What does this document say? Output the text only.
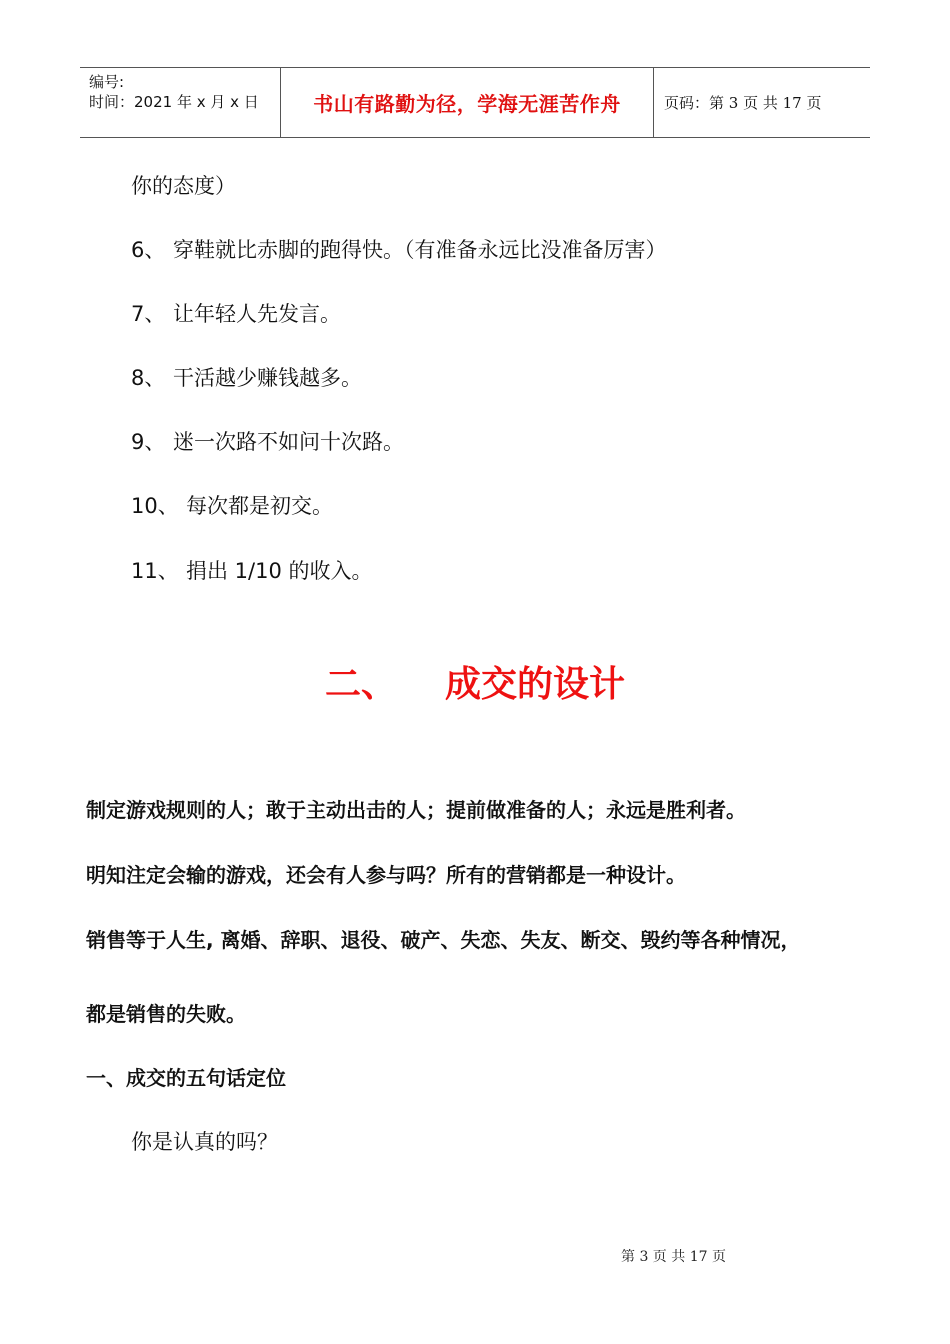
编号:
时间：2021 年 x 月 x 日	书山有路勤为径，学海无涯苦作舟	页码：第 3 页 共 17 页
你的态度）
6、 穿鞋就比赤脚的跑得快。（有准备永远比没准备厉害）
7、 让年轻人先发言。
8、 干活越少赚钱越多。
9、 迷一次路不如问十次路。
10、 每次都是初交。
11、 捐出 1/10 的收入。
二、 成交的设计
制定游戏规则的人；敢于主动出击的人；提前做准备的人；永远是胜利者。
明知注定会输的游戏，还会有人参与吗？所有的营销都是一种设计。
销售等于人生, 离婚、辞职、退役、破产、失恋、失友、断交、毁约等各种情况，
都是销售的失败。
一、成交的五句话定位
你是认真的吗？
第 3 页 共 17 页
